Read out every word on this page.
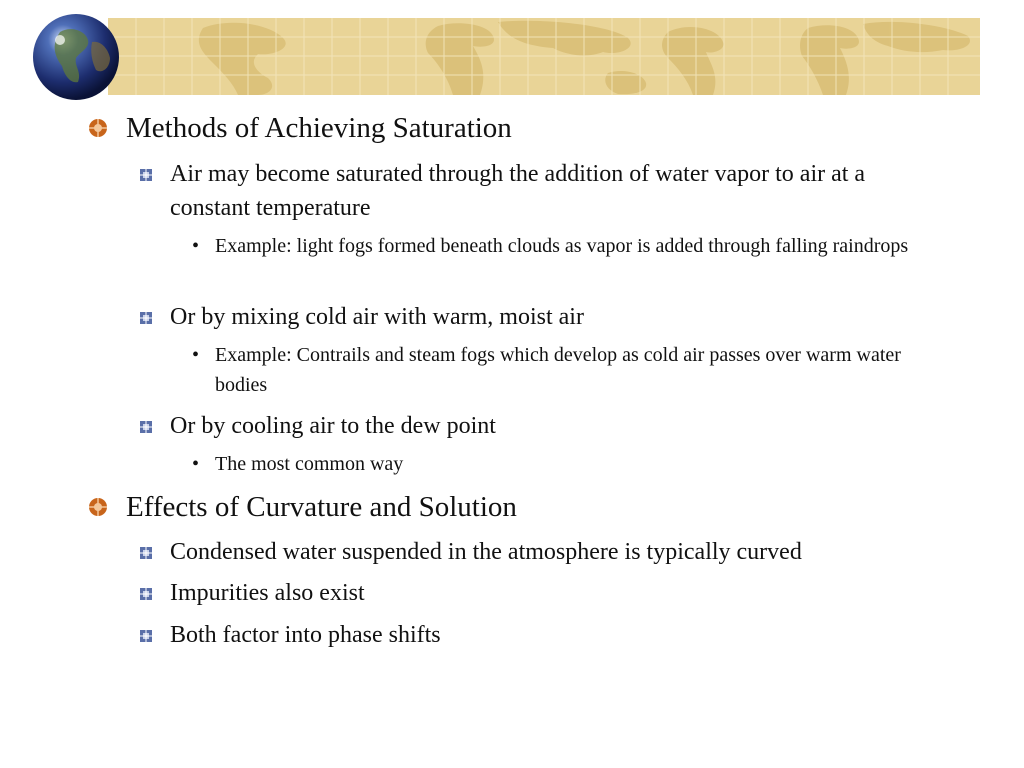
Methods of Achieving Saturation
Air may become saturated through the addition of water vapor to air at a constant temperature
• Example: light fogs formed beneath clouds as vapor is added through falling raindrops
Or by mixing cold air with warm, moist air
• Example: Contrails and steam fogs which develop as cold air passes over warm water bodies
Or by cooling air to the dew point
• The most common way
Effects of Curvature and Solution
Condensed water suspended in the atmosphere is typically curved
Impurities also exist
Both factor into phase shifts
